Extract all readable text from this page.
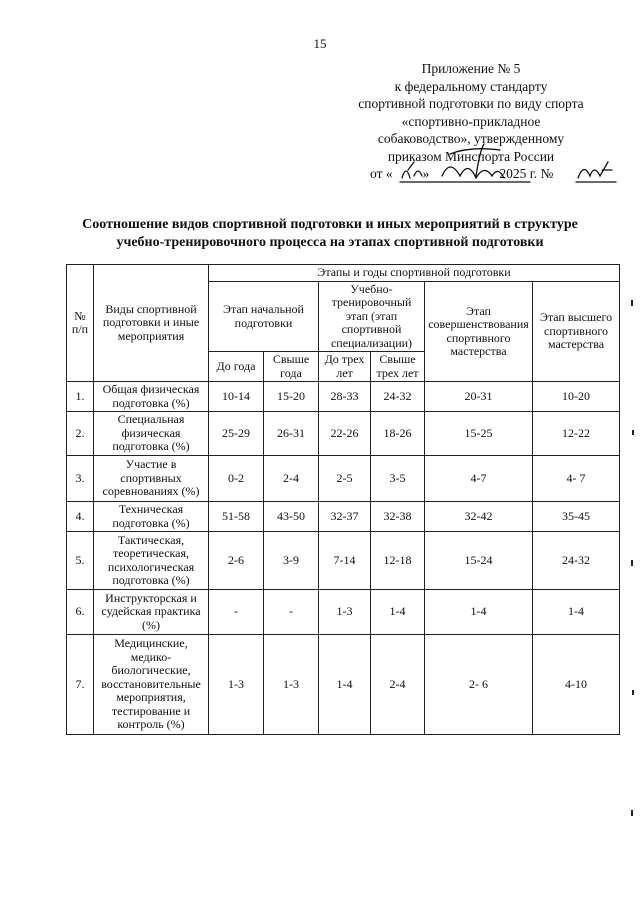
15
Приложение № 5
к федеральному стандарту
спортивной подготовки по виду спорта
«спортивно-прикладное
собаководство», утвержденному
приказом Минспорта России
от « »	2025 г. №
Соотношение видов спортивной подготовки и иных мероприятий в структуре
учебно-тренировочного процесса на этапах спортивной подготовки
№ п/п	Виды спортивной подготовки и иные мероприятия	Этапы и годы спортивной подготовки					
		Этап начальной подготовки		Учебно-тренировочный этап (этап спортивной специализации)		Этап совершенствования спортивного мастерства	Этап высшего спортивного мастерства
		До года	Свыше года	До трех лет	Свыше трех лет		
1.	Общая физическая подготовка (%)	10-14	15-20	28-33	24-32	20-31	10-20
2.	Специальная физическая подготовка (%)	25-29	26-31	22-26	18-26	15-25	12-22
3.	Участие в спортивных соревнованиях (%)	0-2	2-4	2-5	3-5	4-7	4- 7
4.	Техническая подготовка (%)	51-58	43-50	32-37	32-38	32-42	35-45
5.	Тактическая, теоретическая, психологическая подготовка (%)	2-6	3-9	7-14	12-18	15-24	24-32
6.	Инструкторская и судейская практика (%)	-	-	1-3	1-4	1-4	1-4
7.	Медицинские, медико-биологические, восстановительные мероприятия, тестирование и контроль (%)	1-3	1-3	1-4	2-4	2- 6	4-10
